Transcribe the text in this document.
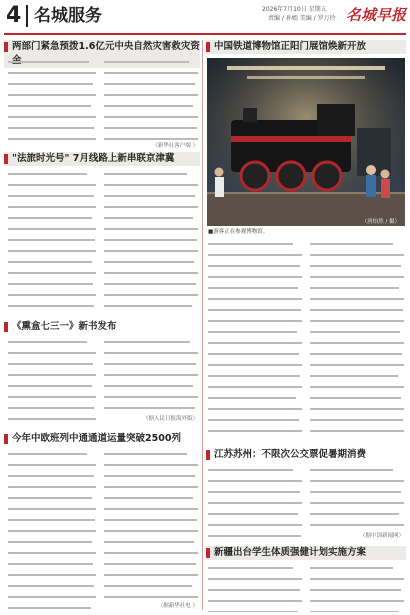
4 名城服务	2026年7月10日 星期五
责编 / 孙嫣 美编 / 罗万玲 名城早报
两部门紧急预拨1.6亿元中央自然灾害救灾资
（新华社客户端 ）
"法旅时光号" 7月线路上新串联京津冀
《熏盒七三一》新书发布
（据人民日报海外版）
今年中欧班列中通通道运量突破2500列
（据新华社电 ）
中国铁道博物馆正阳门展馆焕新开放
（唐怡然 / 摄）
■游客正在参观博物馆。
江苏苏州：不限次公交票促暑期消费
（据中国新闻网）
新疆出台学生体质强健计划实施方案
